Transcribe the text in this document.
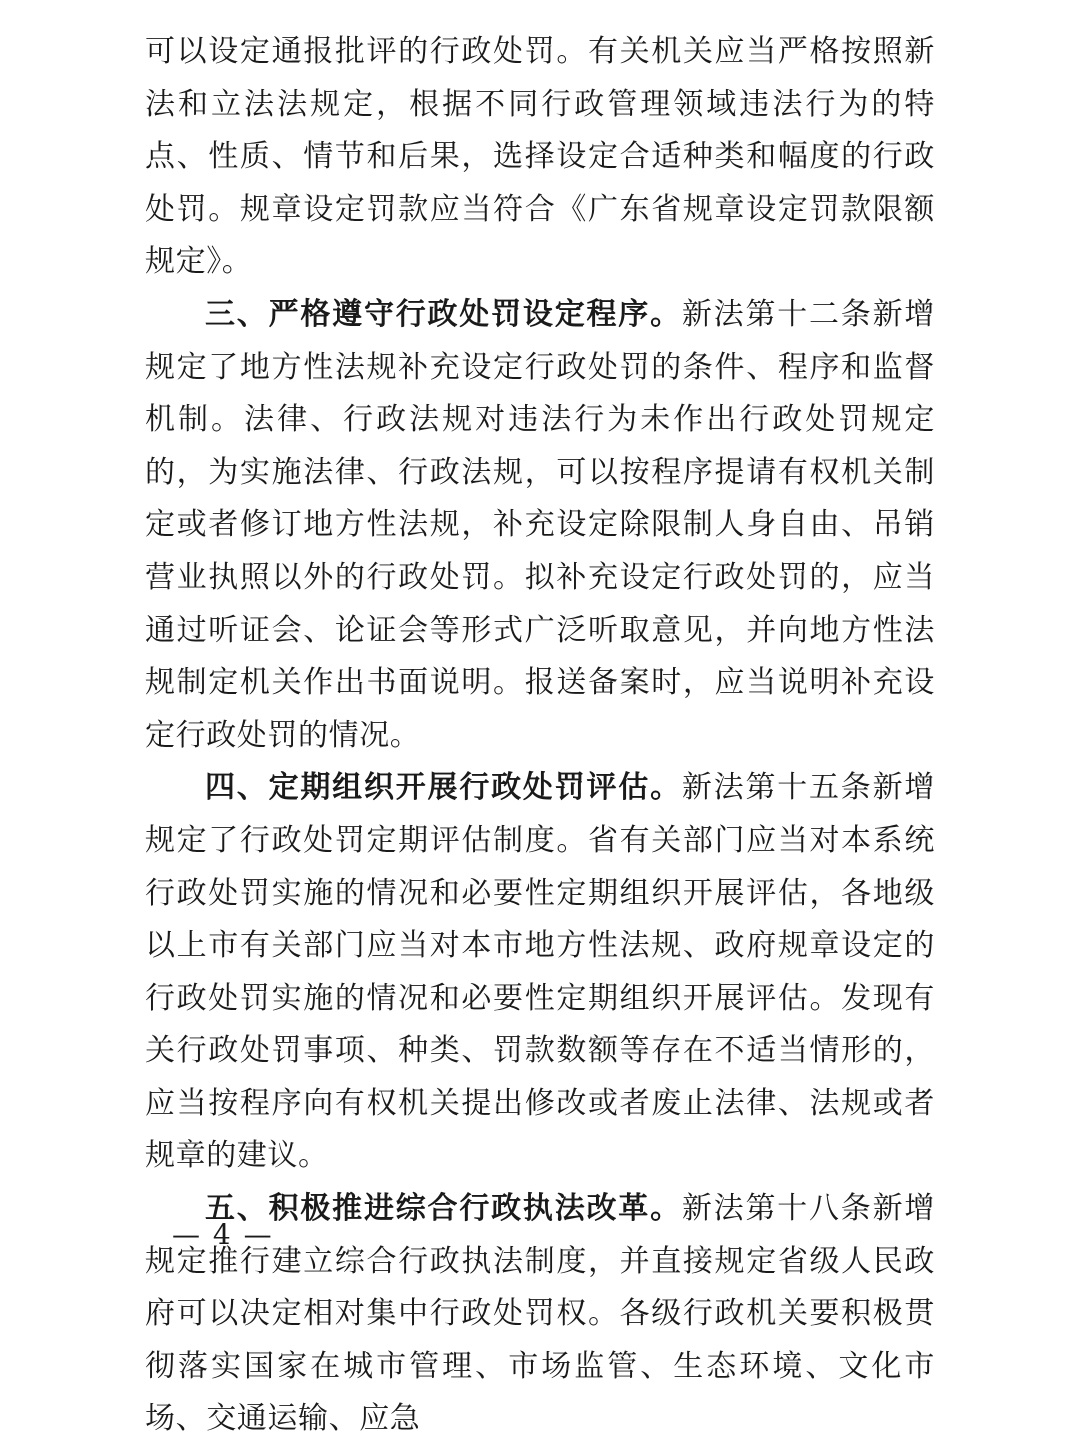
可以设定通报批评的行政处罚。有关机关应当严格按照新法和立法法规定，根据不同行政管理领域违法行为的特点、性质、情节和后果，选择设定合适种类和幅度的行政处罚。规章设定罚款应当符合《广东省规章设定罚款限额规定》。

三、严格遵守行政处罚设定程序。新法第十二条新增规定了地方性法规补充设定行政处罚的条件、程序和监督机制。法律、行政法规对违法行为未作出行政处罚规定的，为实施法律、行政法规，可以按程序提请有权机关制定或者修订地方性法规，补充设定除限制人身自由、吊销营业执照以外的行政处罚。拟补充设定行政处罚的，应当通过听证会、论证会等形式广泛听取意见，并向地方性法规制定机关作出书面说明。报送备案时，应当说明补充设定行政处罚的情况。

四、定期组织开展行政处罚评估。新法第十五条新增规定了行政处罚定期评估制度。省有关部门应当对本系统行政处罚实施的情况和必要性定期组织开展评估，各地级以上市有关部门应当对本市地方性法规、政府规章设定的行政处罚实施的情况和必要性定期组织开展评估。发现有关行政处罚事项、种类、罚款数额等存在不适当情形的，应当按程序向有权机关提出修改或者废止法律、法规或者规章的建议。

五、积极推进综合行政执法改革。新法第十八条新增规定推行建立综合行政执法制度，并直接规定省级人民政府可以决定相对集中行政处罚权。各级行政机关要积极贯彻落实国家在城市管理、市场监管、生态环境、文化市场、交通运输、应急

— 4 —
